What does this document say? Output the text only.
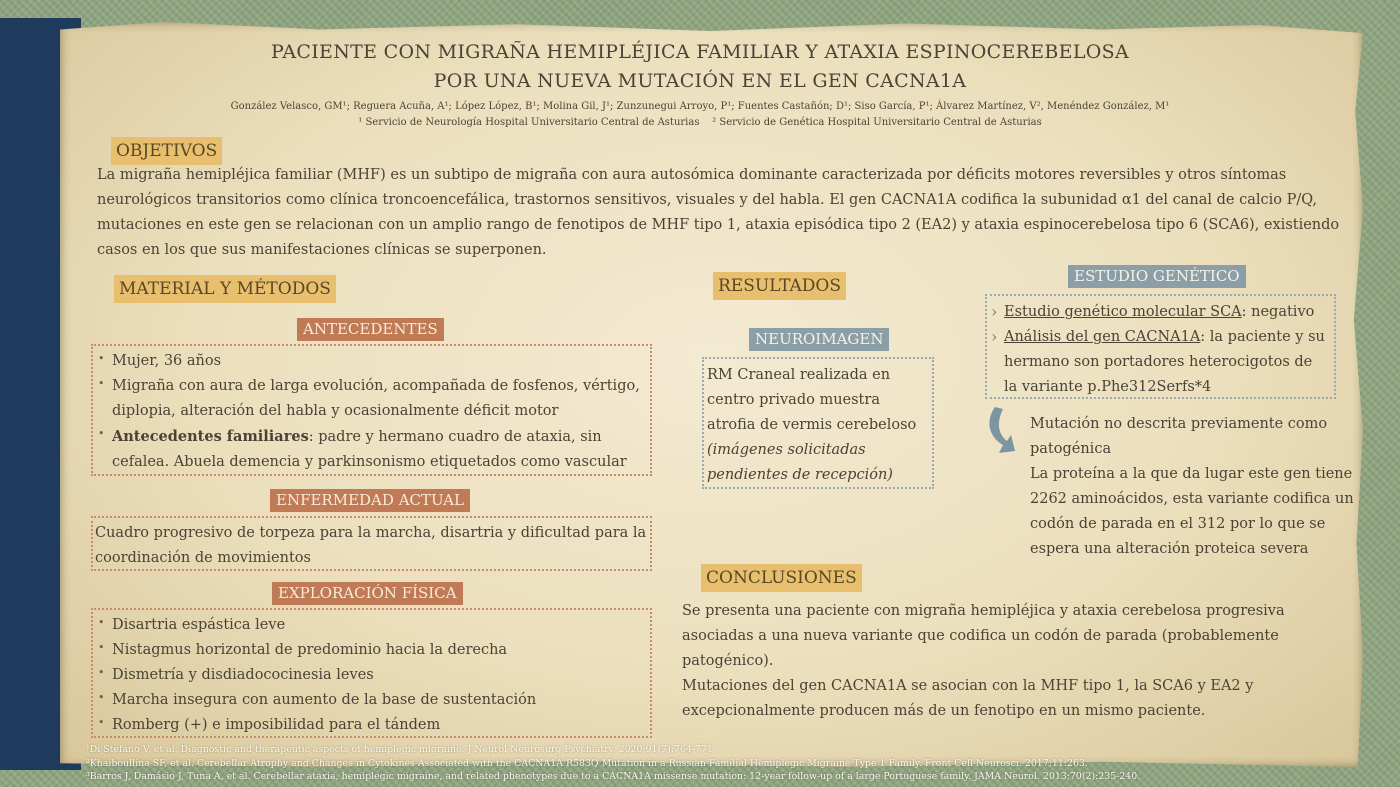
PACIENTE CON MIGRAÑA HEMIPLÉJICA FAMILIAR Y ATAXIA ESPINOCEREBELOSA
POR UNA NUEVA MUTACIÓN EN EL GEN CACNA1A
González Velasco, GM¹; Reguera Acuña, A¹; López López, B¹; Molina Gil, J¹; Zunzunegui Arroyo, P¹; Fuentes Castañón; D¹; Siso García, P¹; Álvarez Martínez, V², Menéndez González, M¹
¹ Servicio de Neurología Hospital Universitario Central de Asturias    ² Servicio de Genética Hospital Universitario Central de Asturias
OBJETIVOS
La migraña hemipléjica familiar (MHF) es un subtipo de migraña con aura autosómica dominante caracterizada por déficits motores reversibles y otros síntomas neurológicos transitorios como clínica troncoencefálica, trastornos sensitivos, visuales y del habla. El gen CACNA1A codifica la subunidad α1 del canal de calcio P/Q, mutaciones en este gen se relacionan con un amplio rango de fenotipos de MHF tipo 1, ataxia episódica tipo 2 (EA2) y ataxia espinocerebelosa tipo 6 (SCA6), existiendo casos en los que sus manifestaciones clínicas se superponen.
MATERIAL Y MÉTODOS
ANTECEDENTES
• Mujer, 36 años
• Migraña con aura de larga evolución, acompañada de fosfenos, vértigo, diplopia, alteración del habla y ocasionalmente déficit motor
• Antecedentes familiares: padre y hermano cuadro de ataxia, sin cefalea. Abuela demencia y parkinsonismo etiquetados como vascular
ENFERMEDAD ACTUAL
Cuadro progresivo de torpeza para la marcha, disartria y dificultad para la coordinación de movimientos
EXPLORACIÓN FÍSICA
• Disartria espástica leve
• Nistagmus horizontal de predominio hacia la derecha
• Dismetría y disdiadococinesia leves
• Marcha insegura con aumento de la base de sustentación
• Romberg (+) e imposibilidad para el tándem
RESULTADOS
NEUROIMAGEN
RM Craneal realizada en centro privado muestra atrofia de vermis cerebeloso
(imágenes solicitadas pendientes de recepción)
ESTUDIO GENÉTICO
› Estudio genético molecular SCA: negativo
› Análisis del gen CACNA1A: la paciente y su hermano son portadores heterocigotos de la variante p.Phe312Serfs*4
Mutación no descrita previamente como patogénica
La proteína a la que da lugar este gen tiene 2262 aminoácidos, esta variante codifica un codón de parada en el 312 por lo que se espera una alteración proteica severa
CONCLUSIONES
Se presenta una paciente con migraña hemipléjica y ataxia cerebelosa progresiva asociadas a una nueva variante que codifica un codón de parada (probablemente patogénico).
Mutaciones del gen CACNA1A se asocian con la MHF tipo 1, la SCA6 y EA2 y excepcionalmente producen más de un fenotipo en un mismo paciente.
¹Di Stefano V, et al. Diagnostic and therapeutic aspects of hemiplegic migraine. J Neurol Neurosurg Psychiatry. 2020;91(7):764-771
²Khaiboullina SF, et al. Cerebellar Atrophy and Changes in Cytokines Associated with the CACNA1A R583Q Mutation in a Russian Familial Hemiplegic Migraine Type 1 Family. Front Cell Neurosci. 2017;11:263.
³Barros J, Damásio J, Tuna A, et al. Cerebellar ataxia, hemiplegic migraine, and related phenotypes due to a CACNA1A missense mutation: 12-year follow-up of a large Portuguese family. JAMA Neurol. 2013;70(2):235-240.
